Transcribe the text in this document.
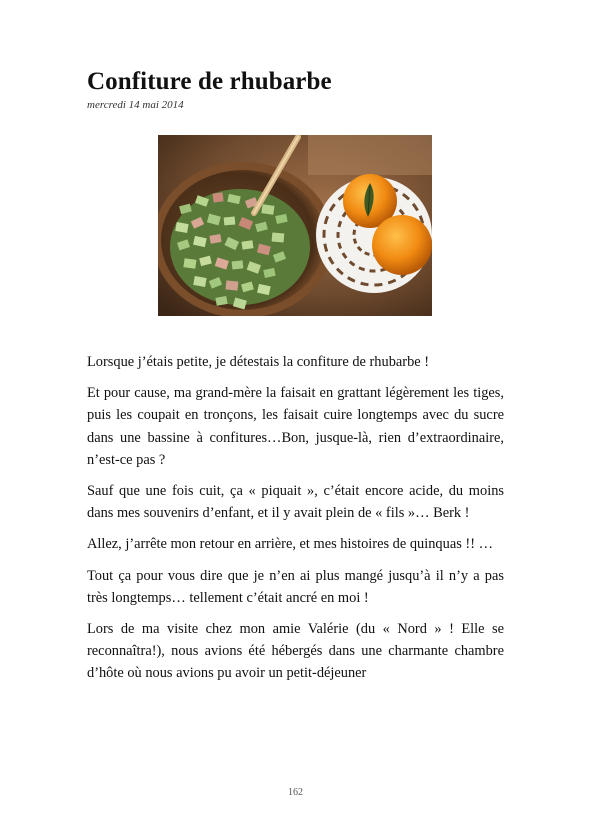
Confiture de rhubarbe
mercredi 14 mai 2014

Lorsque j’étais petite, je détestais la confiture de rhubarbe !

Et pour cause, ma grand-mère la faisait en grattant légèrement les tiges, puis les coupait en tronçons, les faisait cuire longtemps avec du sucre dans une bassine à confitures…Bon, jusque-là, rien d’extraordinaire, n’est-ce pas ?

Sauf que une fois cuit, ça « piquait », c’était encore acide, du moins dans mes souvenirs d’enfant, et il y avait plein de « fils »… Berk !

Allez, j’arrête mon retour en arrière, et mes histoires de quinquas !! …

Tout ça pour vous dire que je n’en ai plus mangé jusqu’à il n’y a pas très longtemps… tellement c’était ancré en moi !

Lors de ma visite chez mon amie Valérie (du « Nord » ! Elle se reconnaîtra!), nous avions été hébergés dans une charmante chambre d’hôte où nous avions pu avoir un petit-déjeuner

162
